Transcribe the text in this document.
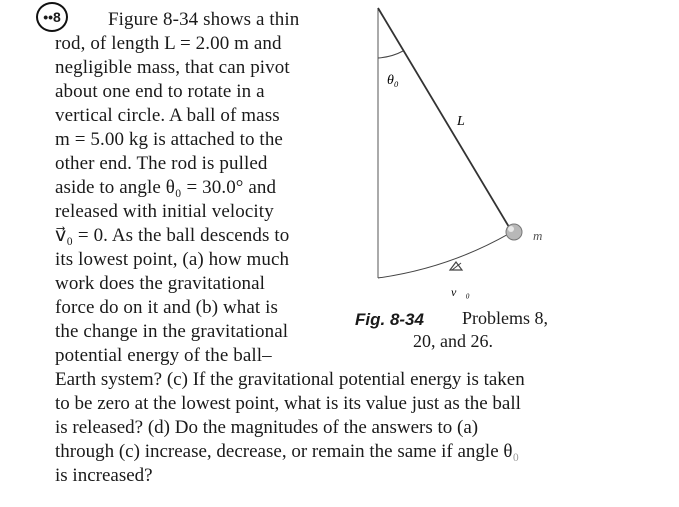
••8	Figure 8-34 shows a thin
rod, of length L = 2.00 m and
negligible mass, that can pivot
about one end to rotate in a
vertical circle. A ball of mass
m = 5.00 kg is attached to the
other end. The rod is pulled
aside to angle θ₀ = 30.0° and
released with initial velocity
v⃗₀ = 0. As the ball descends to
its lowest point, (a) how much
work does the gravitational
force do on it and (b) what is
the change in the gravitational
potential energy of the ball–
Earth system? (c) If the gravitational potential energy is taken
to be zero at the lowest point, what is its value just as the ball
is released? (d) Do the magnitudes of the answers to (a)
through (c) increase, decrease, or remain the same if angle θ₀
is increased?
θ₀
L
m
v⃗₀
Fig. 8-34 Problems 8,
20, and 26.
